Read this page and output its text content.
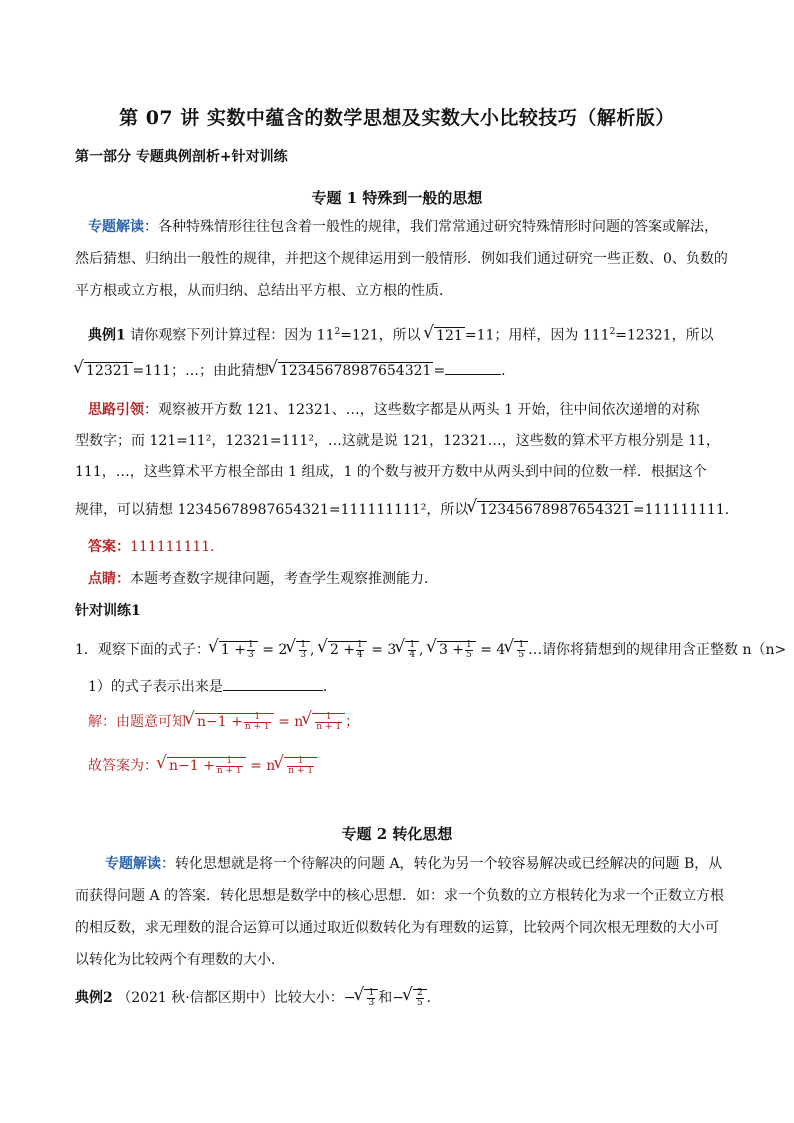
第 07 讲 实数中蕴含的数学思想及实数大小比较技巧（解析版）
第一部分 专题典例剖析+针对训练
专题 1 特殊到一般的思想
专题解读：各种特殊情形往往包含着一般性的规律，我们常常通过研究特殊情形时问题的答案或解法，
然后猜想、归纳出一般性的规律，并把这个规律运用到一般情形．例如我们通过研究一些正数、0、负数的
平方根或立方根，从而归纳、总结出平方根、立方根的性质．
典例1 请你观察下列计算过程：因为 $11^2=121$，所以 √ 121 =11；用样，因为 $111^2=12321$，所以
√ 12321 =111；…；由此猜想 √ 12345678987654321 =	．
思路引领：观察被开方数 121、12321、…，这些数字都是从两头 1 开始，往中间依次递增的对称
型数字；而 121=11²，12321=111²，…这就是说 121，12321…，这些数的算术平方根分别是 11，
111，…，这些算术平方根全部由 1 组成，1 的个数与被开方数中从两头到中间的位数一样．根据这个
规律，可以猜想 12345678987654321=111111111²，所以 √ 12345678987654321 =111111111．
答案：111111111．
点睛：本题考查数字规律问题，考查学生观察推测能力．
针对训练1
1．观察下面的式子： √ $1 + \frac{1}{3} = 2$ √ $\frac{1}{3}$ , √ $2 + \frac{1}{4} = 3$ √ $\frac{1}{4}$ , √ $3 + \frac{1}{5} = 4$ √ $\frac{1}{5}$ …请你将猜想到的规律用含正整数 n（n>
1）的式子表示出来是	．
解：由题意可知 √ $n-1 + \frac{1}{n + 1} = n$ √ $\frac{1}{n + 1}$ ；
故答案为： √ $n-1 + \frac{1}{n + 1} = n$ √ $\frac{1}{n + 1}$
专题 2 转化思想
专题解读：转化思想就是将一个待解决的问题 A，转化为另一个较容易解决或已经解决的问题 B，从
而获得问题 A 的答案．转化思想是数学中的核心思想．如：求一个负数的立方根转化为求一个正数立方根
的相反数，求无理数的混合运算可以通过取近似数转化为有理数的运算，比较两个同次根无理数的大小可
以转化为比较两个有理数的大小．
典例2 （2021 秋·信都区期中）比较大小：− √ $\frac{1}{3}$ 和− √ $\frac{2}{5}$ ．
